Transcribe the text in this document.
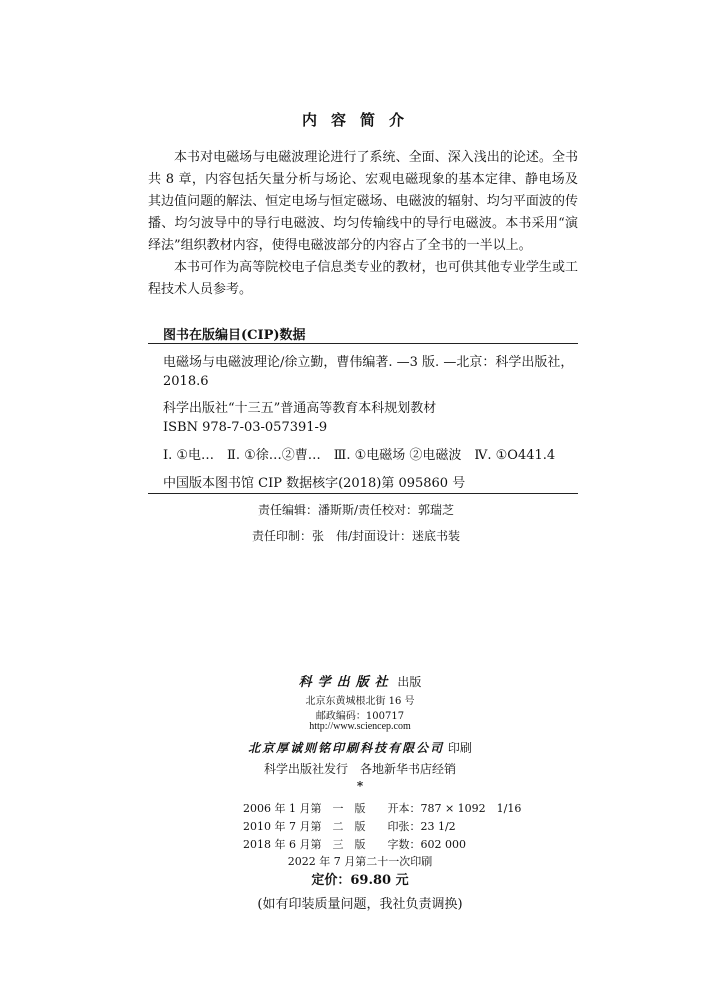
内容简介

本书对电磁场与电磁波理论进行了系统、全面、深入浅出的论述。全书共 8 章，内容包括矢量分析与场论、宏观电磁现象的基本定律、静电场及其边值问题的解法、恒定电场与恒定磁场、电磁波的辐射、均匀平面波的传播、均匀波导中的导行电磁波、均匀传输线中的导行电磁波。本书采用“演绎法”组织教材内容，使得电磁波部分的内容占了全书的一半以上。

本书可作为高等院校电子信息类专业的教材，也可供其他专业学生或工程技术人员参考。

图书在版编目(CIP)数据
电磁场与电磁波理论/徐立勤，曹伟编著. —3 版. —北京：科学出版社，
2018.6
科学出版社“十三五”普通高等教育本科规划教材
ISBN 978-7-03-057391-9
Ⅰ. ①电…　Ⅱ. ①徐…②曹…　Ⅲ. ①电磁场 ②电磁波　Ⅳ. ①O441.4
中国版本图书馆 CIP 数据核字(2018)第 095860 号
责任编辑：潘斯斯/责任校对：郭瑞芝
责任印制：张　伟/封面设计：迷底书装
科学出版社 出版
北京东黄城根北街 16 号
邮政编码：100717
http://www.sciencep.com
北京厚诚则铭印刷科技有限公司 印刷
科学出版社发行　各地新华书店经销
*
2006 年 1 月第　一　版　　开本：787 × 1092　1/16
2010 年 7 月第　二　版　　印张：23 1/2
2018 年 6 月第　三　版　　字数：602 000
2022 年 7 月第二十一次印刷
定价：69.80 元
(如有印装质量问题，我社负责调换)
